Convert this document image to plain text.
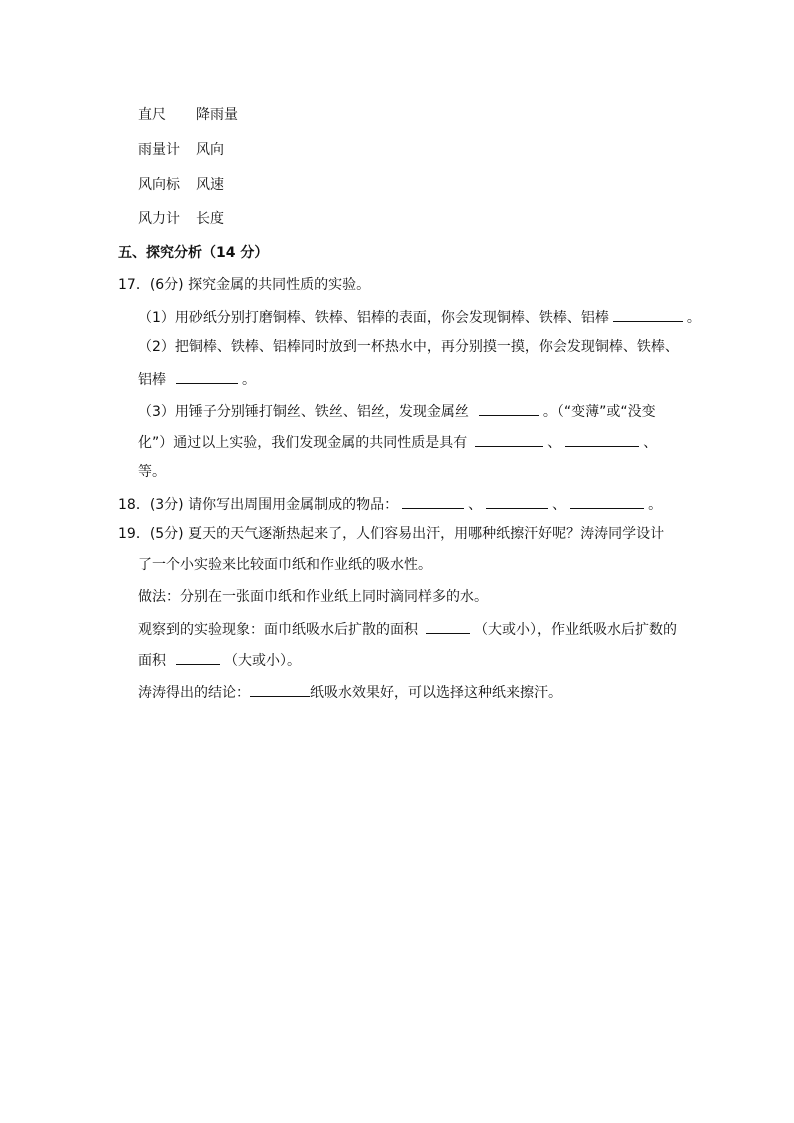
直尺 降雨量
雨量计 风向
风向标 风速
风力计 长度
五、探究分析（14 分）
17．(6分) 探究金属的共同性质的实验。
（1）用砂纸分别打磨铜棒、铁棒、铝棒的表面，你会发现铜棒、铁棒、铝棒	。
（2）把铜棒、铁棒、铝棒同时放到一杯热水中，再分别摸一摸，你会发现铜棒、铁棒、
铝棒	。
（3）用锤子分别锤打铜丝、铁丝、铝丝，发现金属丝	。（“变薄”或“没变
化”）通过以上实验，我们发现金属的共同性质是具有	、	、
等。
18．(3分) 请你写出周围用金属制成的物品：	、	、	。
19．(5分) 夏天的天气逐渐热起来了，人们容易出汗，用哪种纸擦汗好呢？涛涛同学设计
了一个小实验来比较面巾纸和作业纸的吸水性。
做法：分别在一张面巾纸和作业纸上同时滴同样多的水。
观察到的实验现象：面巾纸吸水后扩散的面积	（大或小），作业纸吸水后扩数的
面积	（大或小）。
涛涛得出的结论：	纸吸水效果好，可以选择这种纸来擦汗。
